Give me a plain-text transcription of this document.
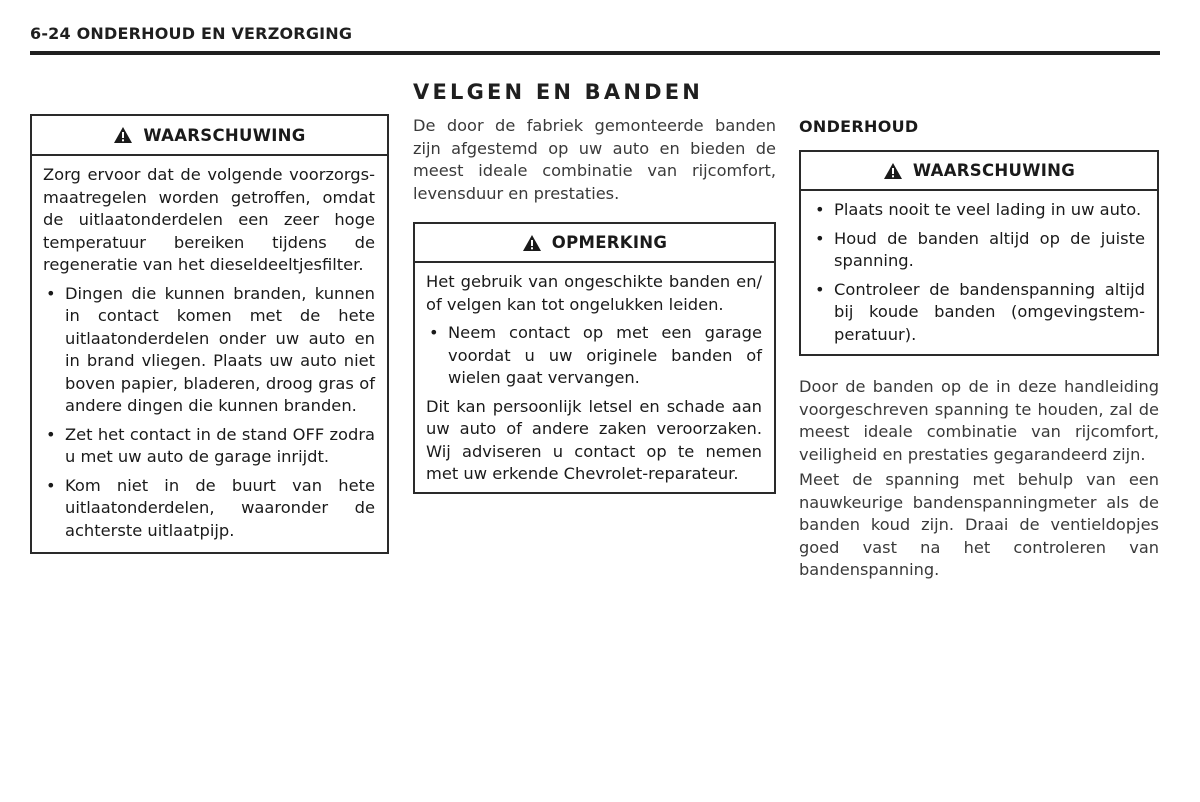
6-24 ONDERHOUD EN VERZORGING
WAARSCHUWING

Zorg ervoor dat de volgende voorzorgs-maatregelen worden getroffen, omdat de uitlaatonderdelen een zeer hoge temperatuur bereiken tijdens de regeneratie van het dieseldeeltjesfilter.

• Dingen die kunnen branden, kunnen in contact komen met de hete uitlaatonderdelen onder uw auto en in brand vliegen. Plaats uw auto niet boven papier, bladeren, droog gras of andere dingen die kunnen branden.
• Zet het contact in de stand OFF zodra u met uw auto de garage inrijdt.
• Kom niet in de buurt van hete uitlaatonderdelen, waaronder de achterste uitlaatpijp.
VELGEN EN BANDEN

De door de fabriek gemonteerde banden zijn afgestemd op uw auto en bieden de meest ideale combinatie van rijcomfort, levensduur en prestaties.

OPMERKING

Het gebruik van ongeschikte banden en/ of velgen kan tot ongelukken leiden.

• Neem contact op met een garage voordat u uw originele banden of wielen gaat vervangen.

Dit kan persoonlijk letsel en schade aan uw auto of andere zaken veroorzaken. Wij adviseren u contact op te nemen met uw erkende Chevrolet-reparateur.

ONDERHOUD
WAARSCHUWING
• Plaats nooit te veel lading in uw auto.
• Houd de banden altijd op de juiste spanning.
• Controleer de bandenspanning altijd bij koude banden (omgevingstem-peratuur).

Door de banden op de in deze handleiding voorgeschreven spanning te houden, zal de meest ideale combinatie van rijcomfort, veiligheid en prestaties gegarandeerd zijn.

Meet de spanning met behulp van een nauwkeurige bandenspanningmeter als de banden koud zijn. Draai de ventieldopjes goed vast na het controleren van bandenspanning.
